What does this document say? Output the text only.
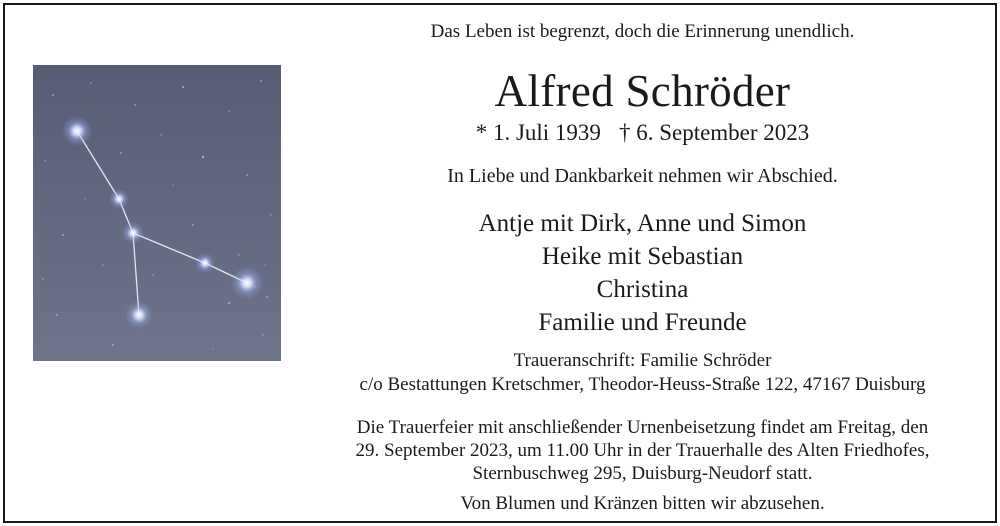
Das Leben ist begrenzt, doch die Erinnerung unendlich.
Alfred Schröder
* 1. Juli 1939 † 6. September 2023
In Liebe und Dankbarkeit nehmen wir Abschied.
Antje mit Dirk, Anne und Simon
Heike mit Sebastian
Christina
Familie und Freunde
Traueranschrift: Familie Schröder
c/o Bestattungen Kretschmer, Theodor-Heuss-Straße 122, 47167 Duisburg
Die Trauerfeier mit anschließender Urnenbeisetzung findet am Freitag, den
29. September 2023, um 11.00 Uhr in der Trauerhalle des Alten Friedhofes,
Sternbuschweg 295, Duisburg-Neudorf statt.
Von Blumen und Kränzen bitten wir abzusehen.
